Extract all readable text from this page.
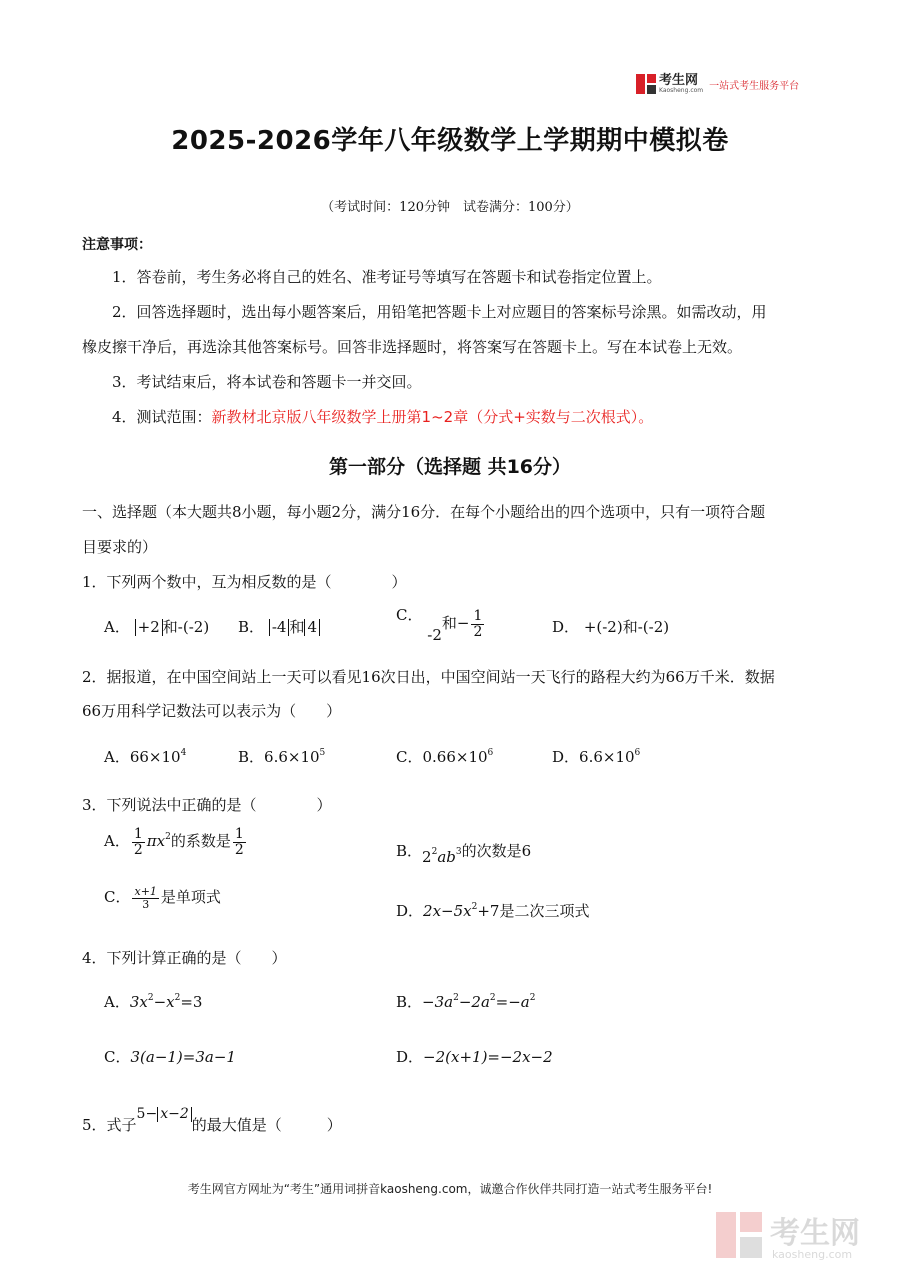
考生网
Kaosheng.com 一站式考生服务平台
2025-2026学年八年级数学上学期期中模拟卷
（考试时间：120分钟　试卷满分：100分）
注意事项：
1．答卷前，考生务必将自己的姓名、准考证号等填写在答题卡和试卷指定位置上。
2．回答选择题时，选出每小题答案后，用铅笔把答题卡上对应题目的答案标号涂黑。如需改动，用
橡皮擦干净后，再选涂其他答案标号。回答非选择题时，将答案写在答题卡上。写在本试卷上无效。
3．考试结束后，将本试卷和答题卡一并交回。
4．测试范围：新教材北京版八年级数学上册第1~2章（分式+实数与二次根式）。
第一部分（选择题 共16分）
一、选择题（本大题共8小题，每小题2分，满分16分．在每个小题给出的四个选项中，只有一项符合题
目要求的）
1．下列两个数中，互为相反数的是（　　　　）
A． +2 和-(-2) B． -4 和 4
C． -2和− $\frac{1}{2}$	D． +(-2)和-(-2)
2．据报道，在中国空间站上一天可以看见16次日出，中国空间站一天飞行的路程大约为66万千米．数据
66万用科学记数法可以表示为（　　）
A．$66\times 10^4$	B．$6.6\times 10^5$	C．$0.66\times 10^6$	D．$6.6\times 10^6$
3．下列说法中正确的是（　　　　）
A． $\frac{1}{2} \pi x^2$的系数是 $\frac{1}{2}$	B．$2^2ab^3$的次数是6
C． $\frac{x+1}{3}$ 是单项式
D．$2x-5x^2+7$是二次三项式
4．下列计算正确的是（　　）
A．$3x^2-x^2=3$	B．$-3a^2-2a^2=-a^2$
C．3(a−1)=3a−1	D．−2(x+1)=−2x−2
5．式子5− x−2的最大值是（　　　）
考生网官方网址为“考生”通用词拼音kaosheng.com，诚邀合作伙伴共同打造一站式考生服务平台!
考生网
kaosheng.com
